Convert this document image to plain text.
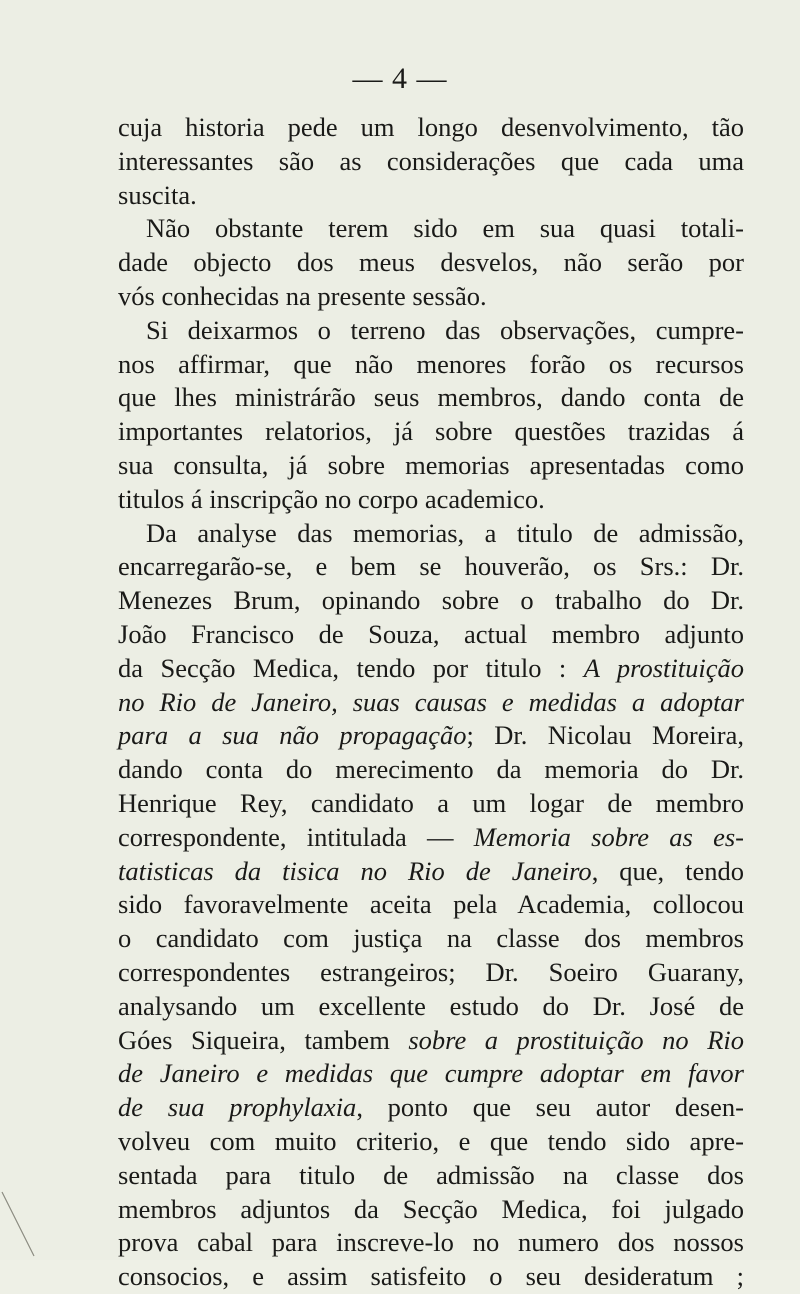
— 4 —
cuja historia pede um longo desenvolvimento, tão
interessantes são as considerações que cada uma
suscita.
Não obstante terem sido em sua quasi totali-
dade objecto dos meus desvelos, não serão por
vós conhecidas na presente sessão.
Si deixarmos o terreno das observações, cumpre-
nos affirmar, que não menores forão os recursos
que lhes ministrárão seus membros, dando conta de
importantes relatorios, já sobre questões trazidas á
sua consulta, já sobre memorias apresentadas como
titulos á inscripção no corpo academico.
Da analyse das memorias, a titulo de admissão,
encarregarão-se, e bem se houverão, os Srs.: Dr.
Menezes Brum, opinando sobre o trabalho do Dr.
João Francisco de Souza, actual membro adjunto
da Secção Medica, tendo por titulo : A prostituição
no Rio de Janeiro, suas causas e medidas a adoptar
para a sua não propagação; Dr. Nicolau Moreira,
dando conta do merecimento da memoria do Dr.
Henrique Rey, candidato a um logar de membro
correspondente, intitulada — Memoria sobre as es-
tatisticas da tisica no Rio de Janeiro, que, tendo
sido favoravelmente aceita pela Academia, collocou
o candidato com justiça na classe dos membros
correspondentes estrangeiros; Dr. Soeiro Guarany,
analysando um excellente estudo do Dr. José de
Góes Siqueira, tambem sobre a prostituição no Rio
de Janeiro e medidas que cumpre adoptar em favor
de sua prophylaxia, ponto que seu autor desen-
volveu com muito criterio, e que tendo sido apre-
sentada para titulo de admissão na classe dos
membros adjuntos da Secção Medica, foi julgado
prova cabal para inscreve-lo no numero dos nossos
consocios, e assim satisfeito o seu desideratum ;
